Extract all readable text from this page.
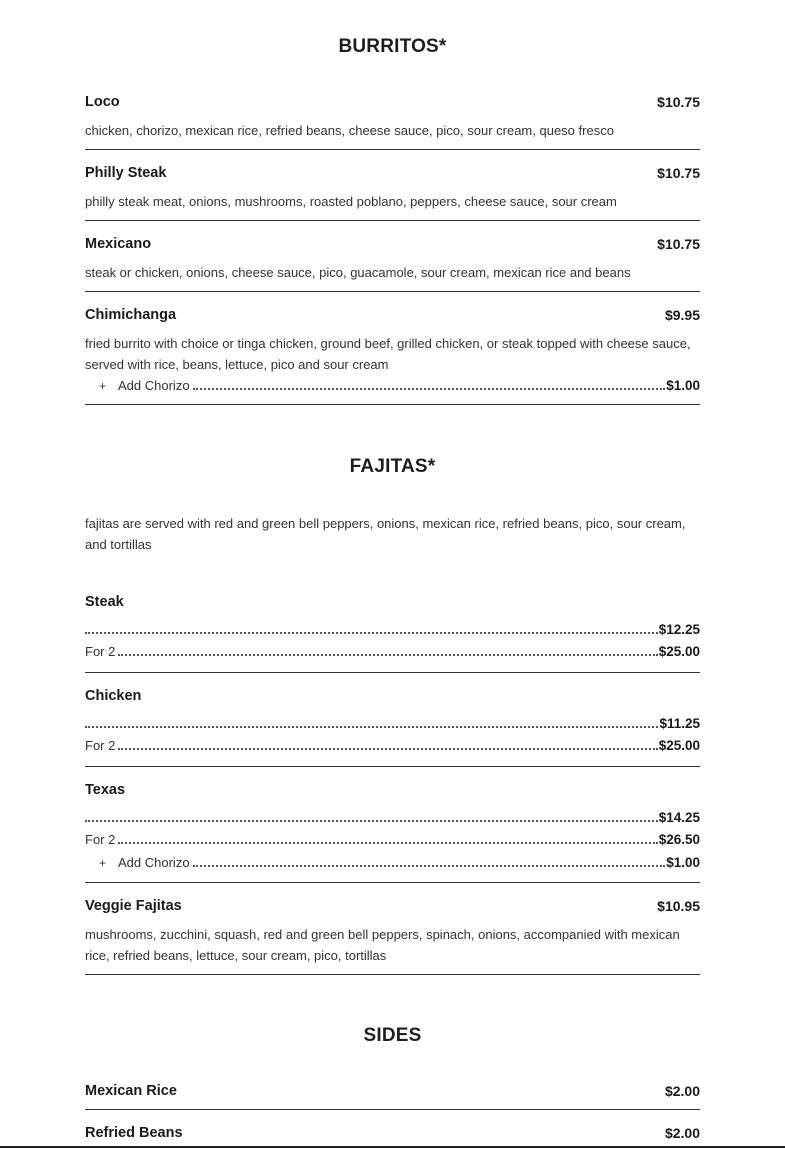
BURRITOS*
Loco	$10.75
chicken, chorizo, mexican rice, refried beans, cheese sauce, pico, sour cream, queso fresco
Philly Steak	$10.75
philly steak meat, onions, mushrooms, roasted poblano, peppers, cheese sauce, sour cream
Mexicano	$10.75
steak or chicken, onions, cheese sauce, pico, guacamole, sour cream, mexican rice and beans
Chimichanga	$9.95
fried burrito with choice or tinga chicken, ground beef, grilled chicken, or steak topped with cheese sauce, served with rice, beans, lettuce, pico and sour cream
+ Add Chorizo	$1.00
FAJITAS*
fajitas are served with red and green bell peppers, onions, mexican rice, refried beans, pico, sour cream, and tortillas
Steak
$12.25
For 2	$25.00
Chicken
$11.25
For 2	$25.00
Texas
$14.25
For 2	$26.50
+ Add Chorizo	$1.00
Veggie Fajitas	$10.95
mushrooms, zucchini, squash, red and green bell peppers, spinach, onions, accompanied with mexican rice, refried beans, lettuce, sour cream, pico, tortillas
SIDES
Mexican Rice	$2.00
Refried Beans	$2.00
